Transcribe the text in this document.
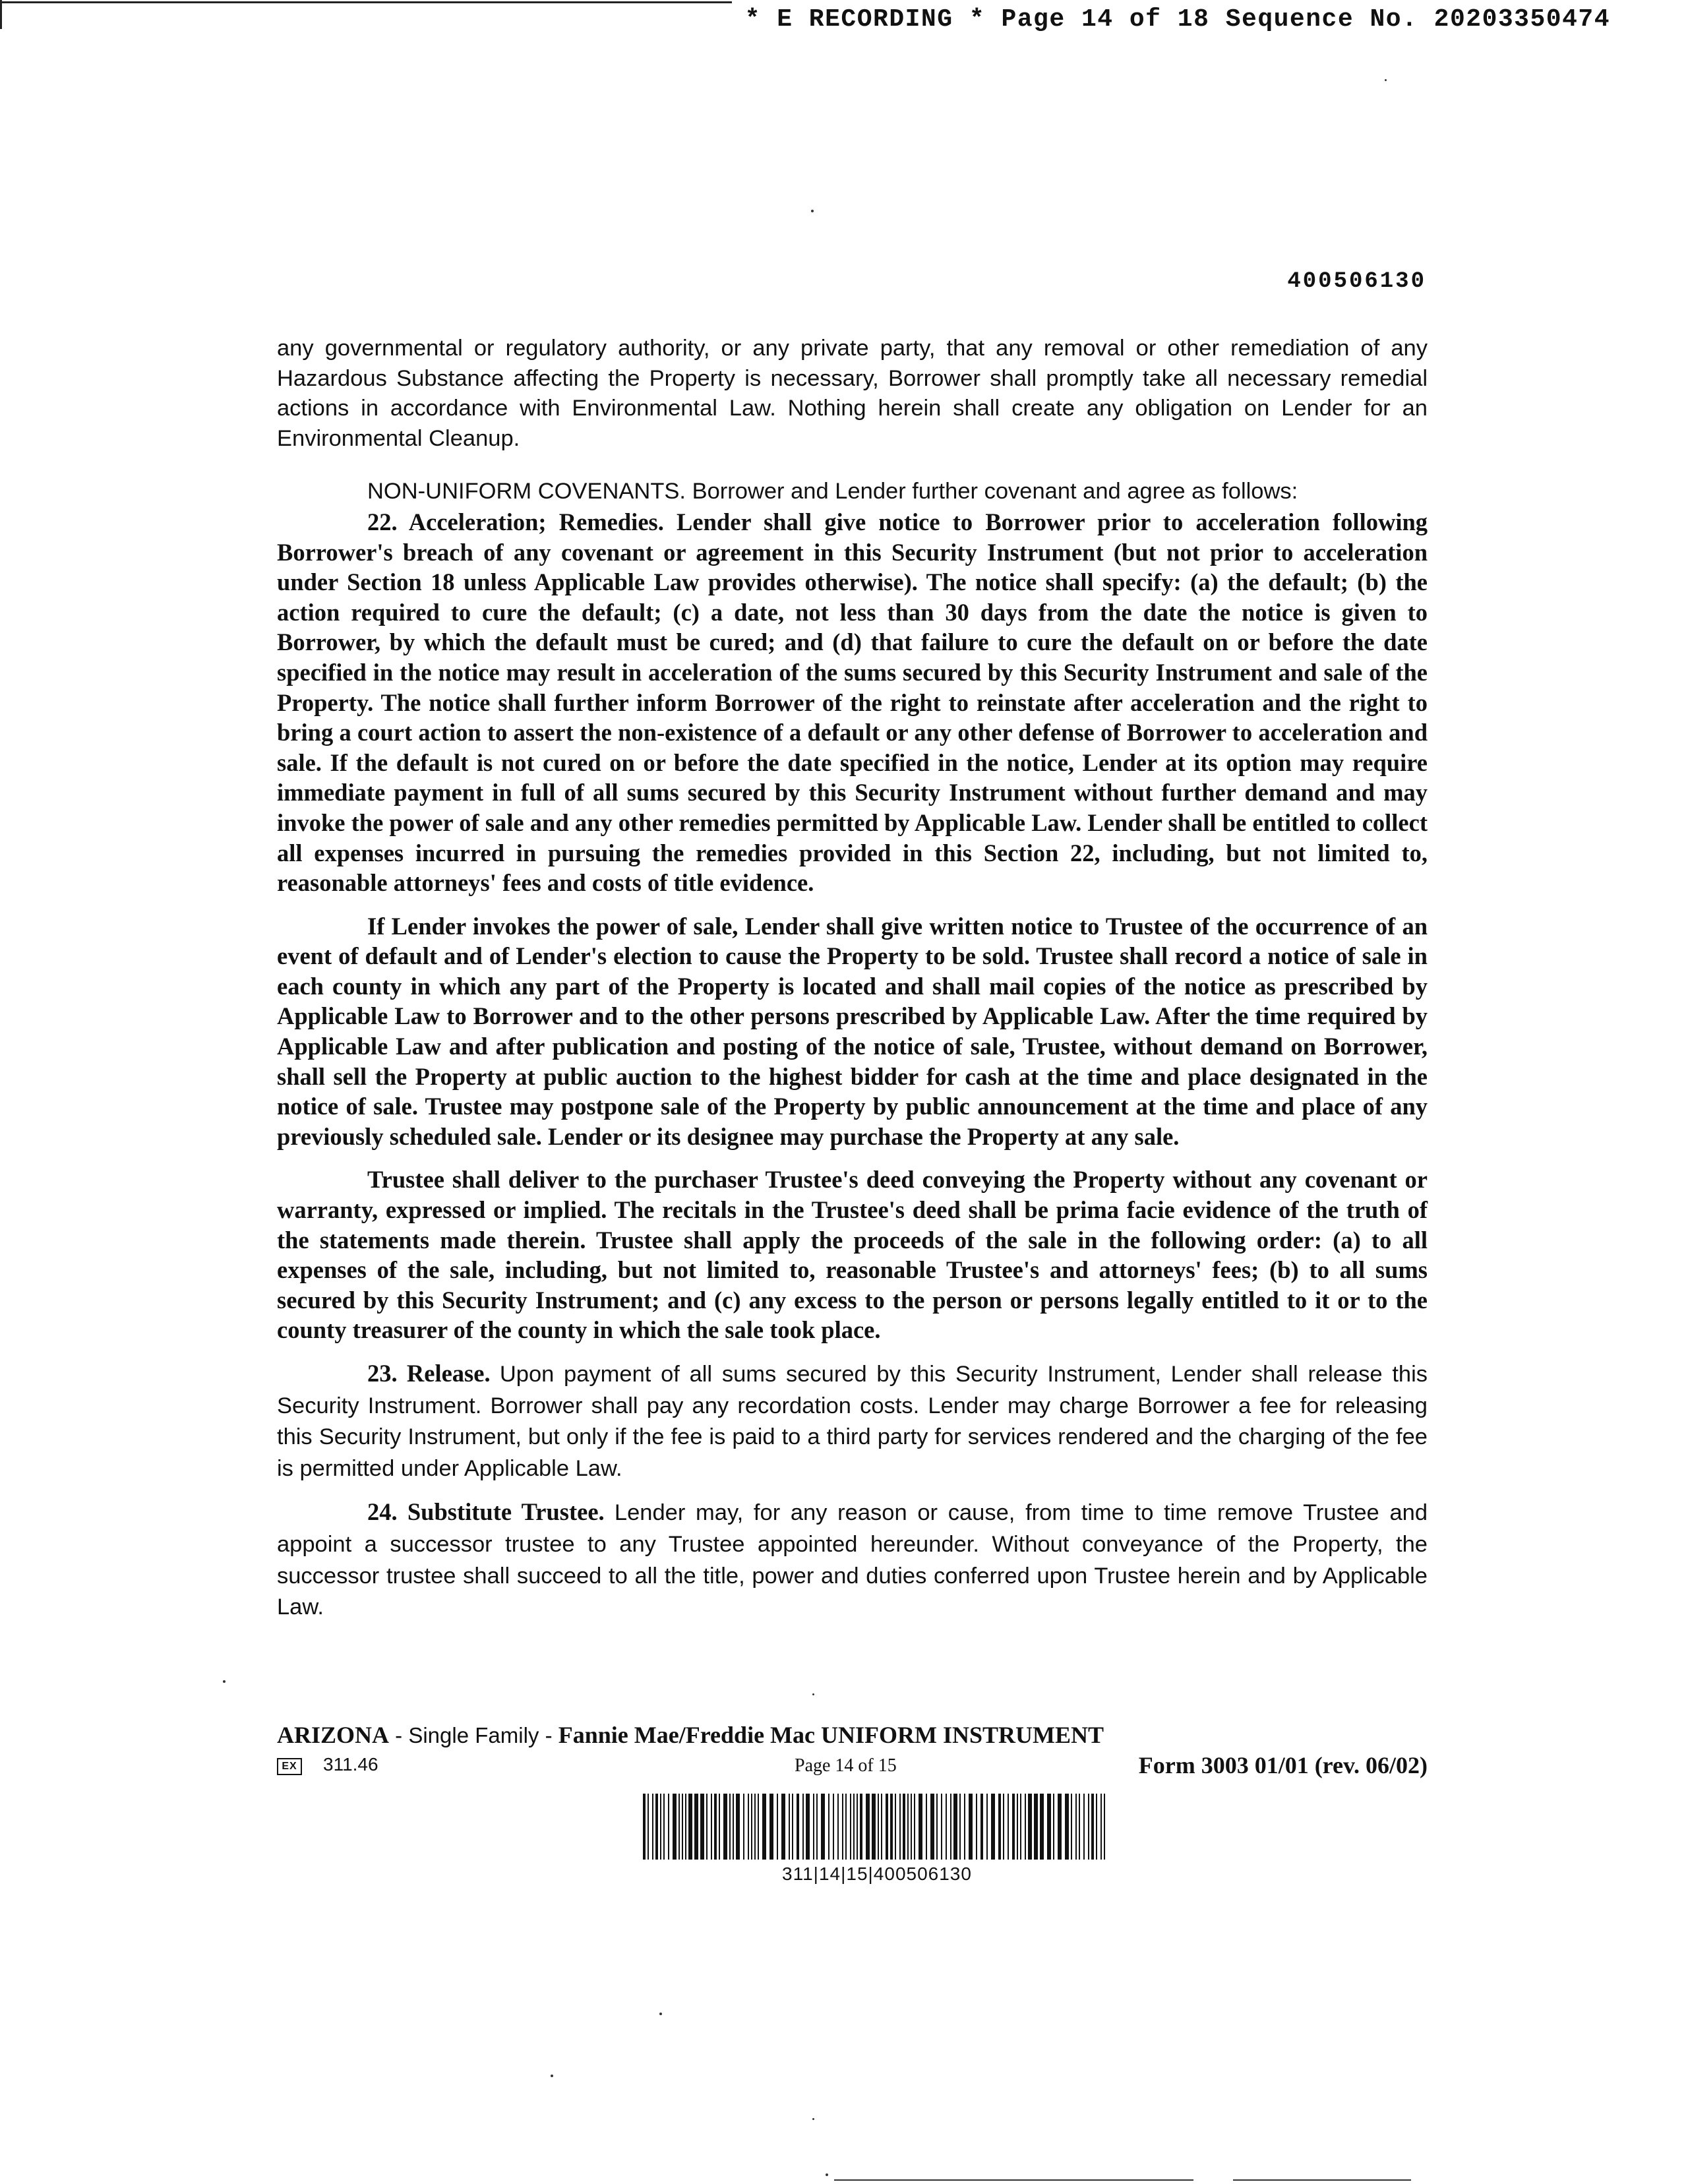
* E RECORDING * Page 14 of 18 Sequence No. 20203350474
400506130

any governmental or regulatory authority, or any private party, that any removal or other remediation of any Hazardous Substance affecting the Property is necessary, Borrower shall promptly take all necessary remedial actions in accordance with Environmental Law. Nothing herein shall create any obligation on Lender for an Environmental Cleanup.

NON-UNIFORM COVENANTS. Borrower and Lender further covenant and agree as follows:

22. Acceleration; Remedies. Lender shall give notice to Borrower prior to acceleration following Borrower's breach of any covenant or agreement in this Security Instrument (but not prior to acceleration under Section 18 unless Applicable Law provides otherwise). The notice shall specify: (a) the default; (b) the action required to cure the default; (c) a date, not less than 30 days from the date the notice is given to Borrower, by which the default must be cured; and (d) that failure to cure the default on or before the date specified in the notice may result in acceleration of the sums secured by this Security Instrument and sale of the Property. The notice shall further inform Borrower of the right to reinstate after acceleration and the right to bring a court action to assert the non-existence of a default or any other defense of Borrower to acceleration and sale. If the default is not cured on or before the date specified in the notice, Lender at its option may require immediate payment in full of all sums secured by this Security Instrument without further demand and may invoke the power of sale and any other remedies permitted by Applicable Law. Lender shall be entitled to collect all expenses incurred in pursuing the remedies provided in this Section 22, including, but not limited to, reasonable attorneys' fees and costs of title evidence.

If Lender invokes the power of sale, Lender shall give written notice to Trustee of the occurrence of an event of default and of Lender's election to cause the Property to be sold. Trustee shall record a notice of sale in each county in which any part of the Property is located and shall mail copies of the notice as prescribed by Applicable Law to Borrower and to the other persons prescribed by Applicable Law. After the time required by Applicable Law and after publication and posting of the notice of sale, Trustee, without demand on Borrower, shall sell the Property at public auction to the highest bidder for cash at the time and place designated in the notice of sale. Trustee may postpone sale of the Property by public announcement at the time and place of any previously scheduled sale. Lender or its designee may purchase the Property at any sale.

Trustee shall deliver to the purchaser Trustee's deed conveying the Property without any covenant or warranty, expressed or implied. The recitals in the Trustee's deed shall be prima facie evidence of the truth of the statements made therein. Trustee shall apply the proceeds of the sale in the following order: (a) to all expenses of the sale, including, but not limited to, reasonable Trustee's and attorneys' fees; (b) to all sums secured by this Security Instrument; and (c) any excess to the person or persons legally entitled to it or to the county treasurer of the county in which the sale took place.

23. Release. Upon payment of all sums secured by this Security Instrument, Lender shall release this Security Instrument. Borrower shall pay any recordation costs. Lender may charge Borrower a fee for releasing this Security Instrument, but only if the fee is paid to a third party for services rendered and the charging of the fee is permitted under Applicable Law.

24. Substitute Trustee. Lender may, for any reason or cause, from time to time remove Trustee and appoint a successor trustee to any Trustee appointed hereunder. Without conveyance of the Property, the successor trustee shall succeed to all the title, power and duties conferred upon Trustee herein and by Applicable Law.

ARIZONA - Single Family - Fannie Mae/Freddie Mac UNIFORM INSTRUMENT
EX 311.46	Page 14 of 15	Form 3003 01/01 (rev. 06/02)
311|14|15|400506130
